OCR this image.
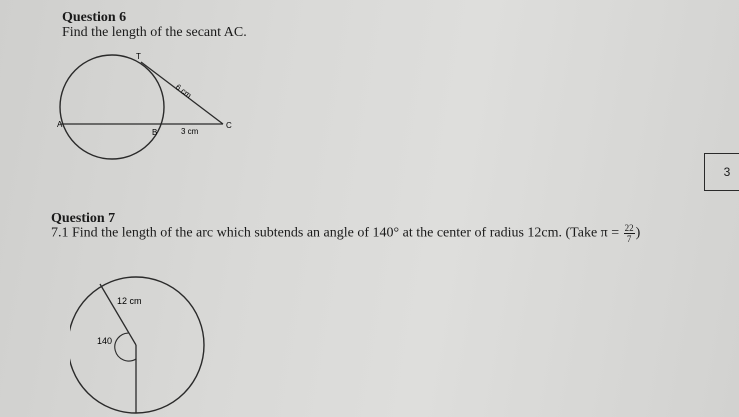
Question 6
Find the length of the secant AC.
T
A
B
C
6 cm
3 cm
3
Question 7
7.1 Find the length of the arc which subtends an angle of 140° at the center of radius 12cm. (Take $\pi = \frac{22}{7}$ )
12 cm
140
